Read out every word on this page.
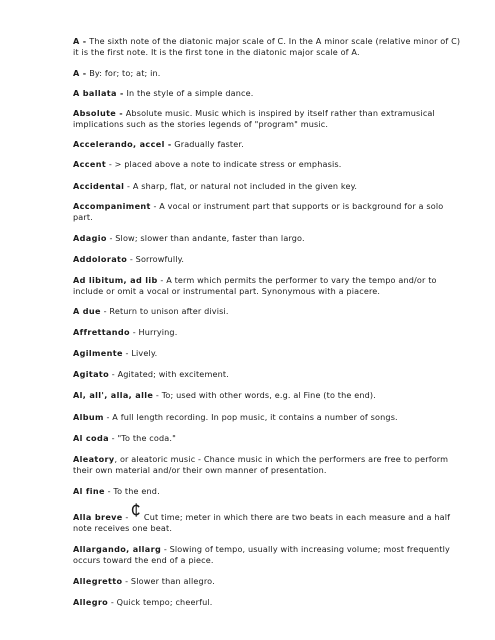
A - The sixth note of the diatonic major scale of C. In the A minor scale (relative minor of C) it is the first note. It is the first tone in the diatonic major scale of A.
A - By: for; to; at; in.
A ballata - In the style of a simple dance.
Absolute - Absolute music. Music which is inspired by itself rather than extramusical implications such as the stories legends of "program" music.
Accelerando, accel - Gradually faster.
Accent - > placed above a note to indicate stress or emphasis.
Accidental - A sharp, flat, or natural not included in the given key.
Accompaniment - A vocal or instrument part that supports or is background for a solo part.
Adagio - Slow; slower than andante, faster than largo.
Addolorato - Sorrowfully.
Ad libitum, ad lib - A term which permits the performer to vary the tempo and/or to include or omit a vocal or instrumental part. Synonymous with a piacere.
A due - Return to unison after divisi.
Affrettando - Hurrying.
Agilmente - Lively.
Agitato - Agitated; with excitement.
Al, all', alla, alle - To; used with other words, e.g. al Fine (to the end).
Album - A full length recording. In pop music, it contains a number of songs.
Al coda - "To the coda."
Aleatory, or aleatoric music - Chance music in which the performers are free to perform their own material and/or their own manner of presentation.
Al fine - To the end.
Alla breve -
Cut time; meter in which there are two beats in each measure and a half note receives one beat.
Allargando, allarg - Slowing of tempo, usually with increasing volume; most frequently occurs toward the end of a piece.
Allegretto - Slower than allegro.
Allegro - Quick tempo; cheerful.
